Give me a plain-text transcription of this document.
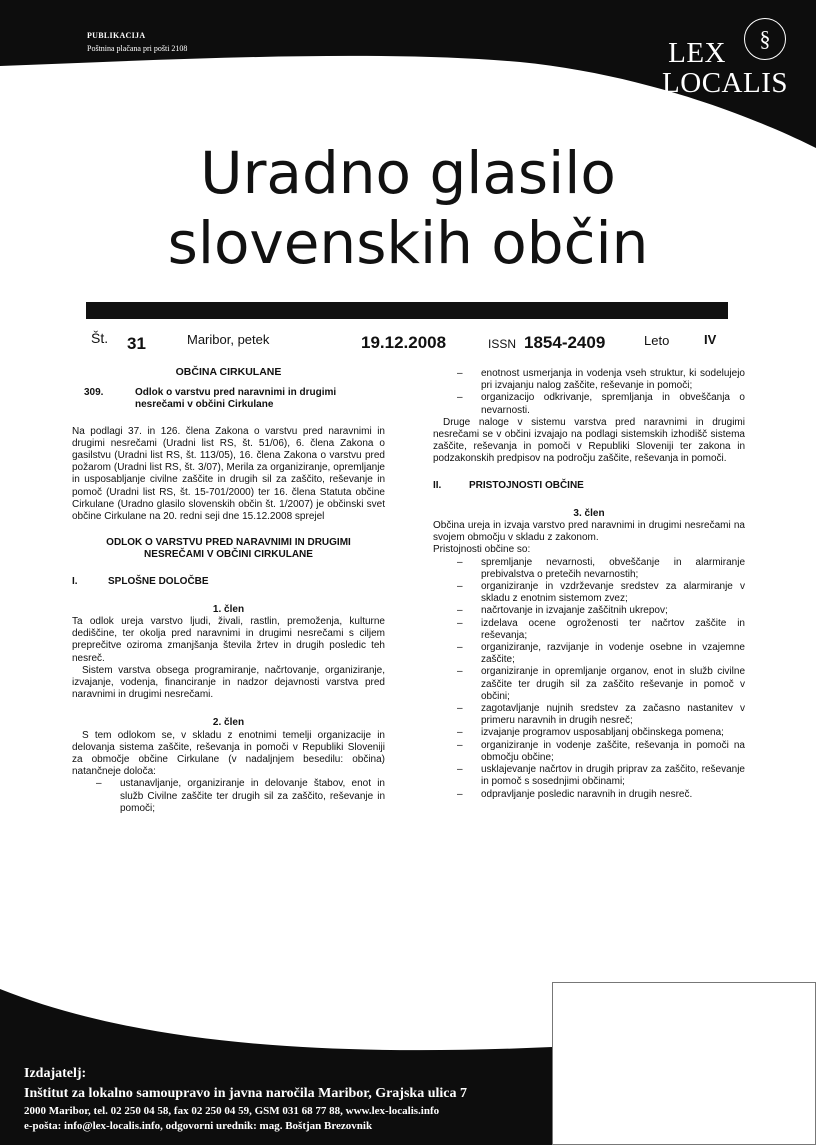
PUBLIKACIJA
Poštnina plačana pri pošti 2108	§
LEX
LOCALIS
Uradno glasilo
slovenskih občin
Št. 31	Maribor, petek	19.12.2008	ISSN 1854-2409	Leto	IV

OBČINA CIRKULANE

309.	Odlok o varstvu pred naravnimi in drugimi nesrečami v občini Cirkulane

Na podlagi 37. in 126. člena Zakona o varstvu pred naravnimi in drugimi nesrečami (Uradni list RS, št. 51/06), 6. člena Zakona o gasilstvu (Uradni list RS, št. 113/05), 16. člena Zakona o varstvu pred požarom (Uradni list RS, št. 3/07), Merila za organiziranje, opremljanje in usposabljanje civilne zaščite in drugih sil za zaščito, reševanje in pomoč (Uradni list RS, št. 15-701/2000) ter 16. člena Statuta občine Cirkulane (Uradno glasilo slovenskih občin št. 1/2007) je občinski svet občine Cirkulane na 20. redni seji dne 15.12.2008 sprejel

ODLOK O VARSTVU PRED NARAVNIMI IN DRUGIMI NESREČAMI V OBČINI CIRKULANE

I.	SPLOŠNE DOLOČBE

1. člen

Ta odlok ureja varstvo ljudi, živali, rastlin, premoženja, kulturne dediščine, ter okolja pred naravnimi in drugimi nesrečami s ciljem preprečitve oziroma zmanjšanja števila žrtev in drugih posledic teh nesreč.

Sistem varstva obsega programiranje, načrtovanje, organiziranje, izvajanje, vodenja, financiranje in nadzor dejavnosti varstva pred naravnimi in drugimi nesrečami.

2. člen

S tem odlokom se, v skladu z enotnimi temelji organizacije in delovanja sistema zaščite, reševanja in pomoči v Republiki Sloveniji za območje občine Cirkulane (v nadaljnjem besedilu: občina) natančneje določa:

– ustanavljanje, organiziranje in delovanje štabov, enot in služb Civilne zaščite ter drugih sil za zaščito, reševanje in pomoči;
– enotnost usmerjanja in vodenja vseh struktur, ki sodelujejo pri izvajanju nalog zaščite, reševanje in pomoči;
– organizacijo odkrivanje, spremljanja in obveščanja o nevarnosti.

Druge naloge v sistemu varstva pred naravnimi in drugimi nesrečami se v občini izvajajo na podlagi sistemskih izhodišč sistema zaščite, reševanja in pomoči v Republiki Sloveniji ter zakona in podzakonskih predpisov na področju zaščite, reševanja in pomoči.

II.	PRISTOJNOSTI OBČINE

3. člen

Občina ureja in izvaja varstvo pred naravnimi in drugimi nesrečami na svojem območju v skladu z zakonom.

Pristojnosti občine so:

– spremljanje nevarnosti, obveščanje in alarmiranje prebivalstva o pretečih nevarnostih;
– organiziranje in vzdrževanje sredstev za alarmiranje v skladu z enotnim sistemom zvez;
– načrtovanje in izvajanje zaščitnih ukrepov;
– izdelava ocene ogroženosti ter načrtov zaščite in reševanja;
– organiziranje, razvijanje in vodenje osebne in vzajemne zaščite;
– organiziranje in opremljanje organov, enot in služb civilne zaščite ter drugih sil za zaščito reševanje in pomoč v občini;
– zagotavljanje nujnih sredstev za začasno nastanitev v primeru naravnih in drugih nesreč;
– izvajanje programov usposabljanj občinskega pomena;
– organiziranje in vodenje zaščite, reševanja in pomoči na območju občine;
– usklajevanje načrtov in drugih priprav za zaščito, reševanje in pomoč s sosednjimi občinami;
– odpravljanje posledic naravnih in drugih nesreč.
Izdajatelj:
Inštitut za lokalno samoupravo in javna naročila Maribor, Grajska ulica 7
2000 Maribor, tel. 02 250 04 58, fax 02 250 04 59, GSM 031 68 77 88, www.lex-localis.info
e-pošta: info@lex-localis.info, odgovorni urednik: mag. Boštjan Brezovnik
